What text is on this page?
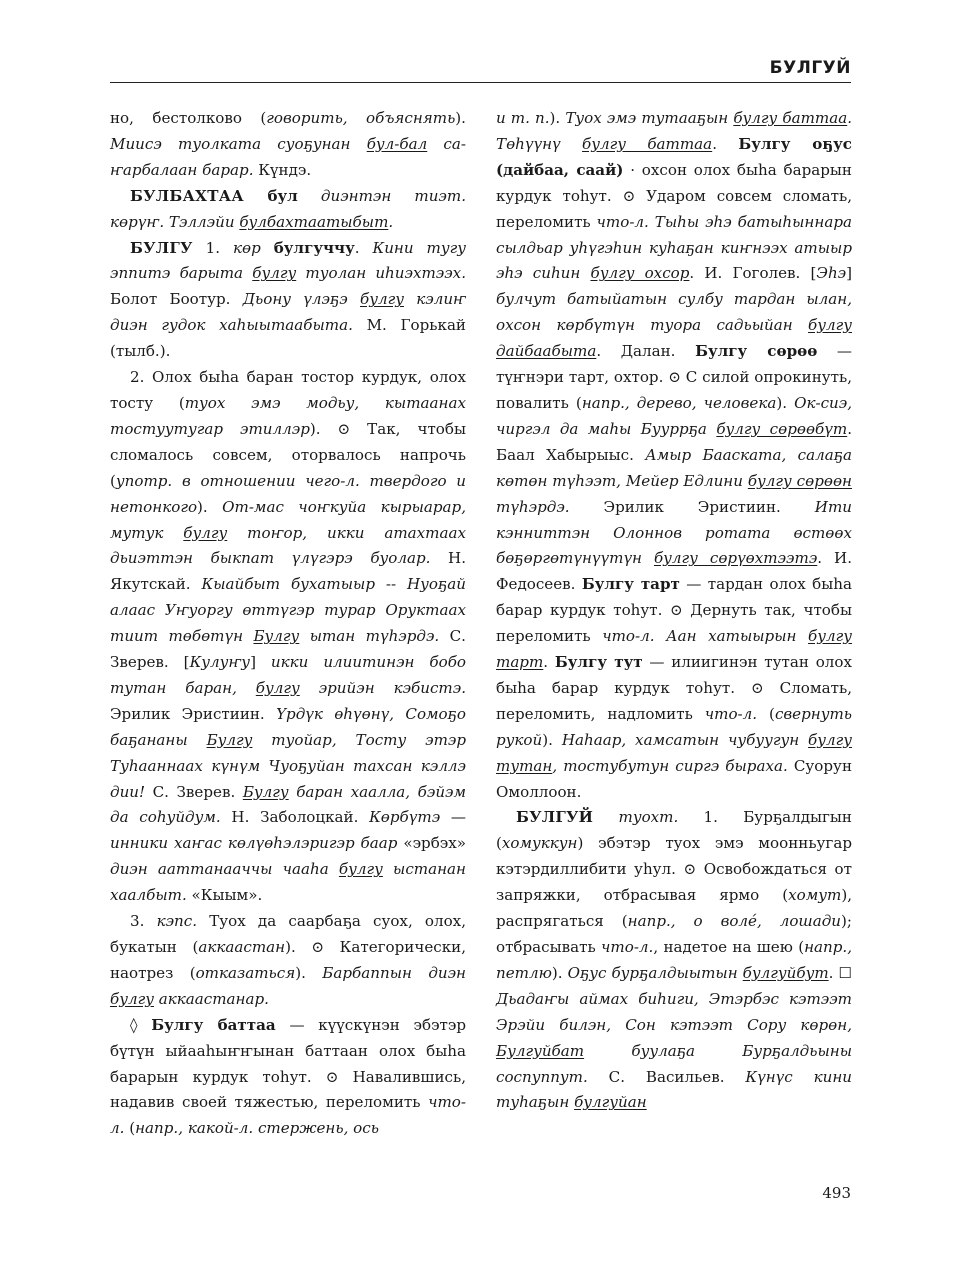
БУЛГУЙ

но, бестолково (говорить, объяснять). Миисэ туолката суоҕунан бул-бал саҥарбалаан барар. Күндэ.

БУЛБАХТАА бул диэнтэн тиэт. көрүҥ. Тэллэйи булбахтаатыбыт.

БУЛГУ 1. көр булгуччу. Кини тугу эппитэ барыта булгу туолан иһиэхтээх. Болот Боотур. Дьону үлэҕэ булгу кэлиҥ диэн гудок хаһыытаабыта. М. Горькай (тылб.).

2. Олох быһа баран тостор курдук, олох тосту (туох эмэ модьу, кытаанах тостуутугар этиллэр). ⊙ Так, чтобы сломалось совсем, оторвалось напрочь (употр. в отношении чего-л. твердого и нетонкого). От-мас чоҥкуйа кырыарар, мутук булгу тоҥор, икки атахтаах дьиэттэн быкпат үлүгэрэ буолар. Н. Якутскай. Кыайбыт бухатыыр -- Нуоҕай алаас Уҥуоргу өттүгэр турар Оруктаах тиит төбөтүн Булгу ытан түһэрдэ. С. Зверев. [Кулуҥу] икки илиитинэн бобо тутан баран, булгу эрийэн кэбистэ. Эрилик Эристиин. Үрдүк өһүөнү, Сомоҕо баҕананы Булгу туойар, Тосту этэр Туһааннаах күнүм Чуоҕуйан тахсан кэллэ дии! С. Зверев. Булгу баран хаалла, бэйэм да соһуйдум. Н. Заболоцкай. Көрбүтэ — инники хаҥас көлүөһэлэригэр баар «эрбэх» диэн ааттанааччы чааһа булгу ыстанан хаалбыт. «Кыым».

3. кэпс. Туох да саарбаҕа суох, олох, букатын (аккаастан). ⊙ Категорически, наотрез (отказаться). Барбаппын диэн булгу аккаастанар.

◊ Булгу баттаа — күүскүнэн эбэтэр бүтүн ыйааһыҥҥынан баттаан олох быһа барарын курдук тоһут. ⊙ Навалившись, надавив своей тяжестью, переломить что-л. (напр., какой-л. стержень, ось

и т. п.). Туох эмэ тутааҕын булгу баттаа. Төһүүнү булгу баттаа. Булгу оҕус (дайбаа, саай) · охсон олох быһа барарын курдук тоһут. ⊙ Ударом совсем сломать, переломить что-л. Тыһы эһэ батыһыннара сылдьар уһүгэһин куһаҕан киҥнээх атыыр эһэ сиһин булгу охсор. И. Гоголев. [Эһэ] булчут батыйатын сулбу тардан ылан, охсон көрбүтүн туора садьыйан булгу дайбаабыта. Далан. Булгу сөрөө — түҥнэри тарт, охтор. ⊙ С силой опрокинуть, повалить (напр., дерево, человека). Ок-сиэ, чиргэл да маһы Бууррҕа булгу сөрөөбүт. Баал Хабырыыс. Амыр Бааската, салаҕа көтөн түһээт, Мейер Едлини булгу сөрөөн түһэрдэ. Эрилик Эристиин. Ити кэнниттэн Олоннов ротата өстөөх бөҕөргөтүнүүтүн булгу сөрүөхтээтэ. И. Федосеев. Булгу тарт — тардан олох быһа барар курдук тоһут. ⊙ Дернуть так, чтобы переломить что-л. Аан хатыырын булгу тарт. Булгу тут — илиигинэн тутан олох быһа барар курдук тоһут. ⊙ Сломать, переломить, надломить что-л. (свернуть рукой). Наһаар, хамсатын чубуугун булгу тутан, тостубутун сиргэ быраха. Суорун Омоллоон.

БУЛГУЙ туохт. 1. Бурҕалдыгын (хомуккун) эбэтэр туох эмэ моонньугар кэтэрдиллибити уһул. ⊙ Освобождаться от запряжки, отбрасывая ярмо (хомут), распрягаться (напр., о волé, лошади); отбрасывать что-л., надетое на шею (напр., петлю). Оҕус бурҕалдыытын булгуйбут. ☐ Дьадаҥы аймах биһиги, Этэрбэс кэтээт Эрэйи билэн, Сон кэтээт Сору көрөн, Булгуйбат буулаҕа Бурҕалдьыны соспуппут. С. Васильев. Күнүс кини туһаҕын булгуйан

493
